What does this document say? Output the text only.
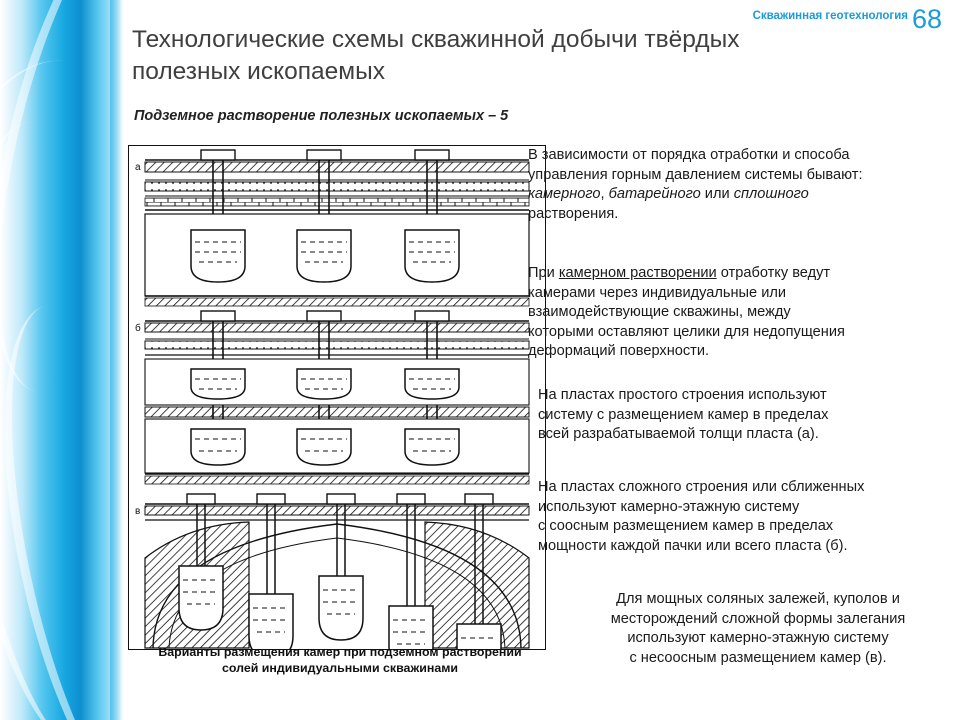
Скважинная геотехнология 68
Технологические схемы скважинной добычи твёрдых полезных ископаемых
Подземное растворение полезных ископаемых – 5
а
б
в
Варианты размещения камер при подземном растворении
солей индивидуальными скважинами
В зависимости от порядка отработки и способа
управления горным давлением системы бывают:
камерного, батарейного или сплошного
растворения.
При камерном растворении отработку ведут
камерами через индивидуальные или
взаимодействующие скважины, между
которыми оставляют целики для недопущения
деформаций поверхности.
На пластах простого строения используют
систему с размещением камер в пределах
всей разрабатываемой толщи пласта (а).
На пластах сложного строения или сближенных
используют камерно-этажную систему
с соосным размещением камер в пределах
мощности каждой пачки или всего пласта (б).
Для мощных соляных залежей, куполов и
месторождений сложной формы залегания
используют камерно-этажную систему
с несоосным размещением камер (в).
